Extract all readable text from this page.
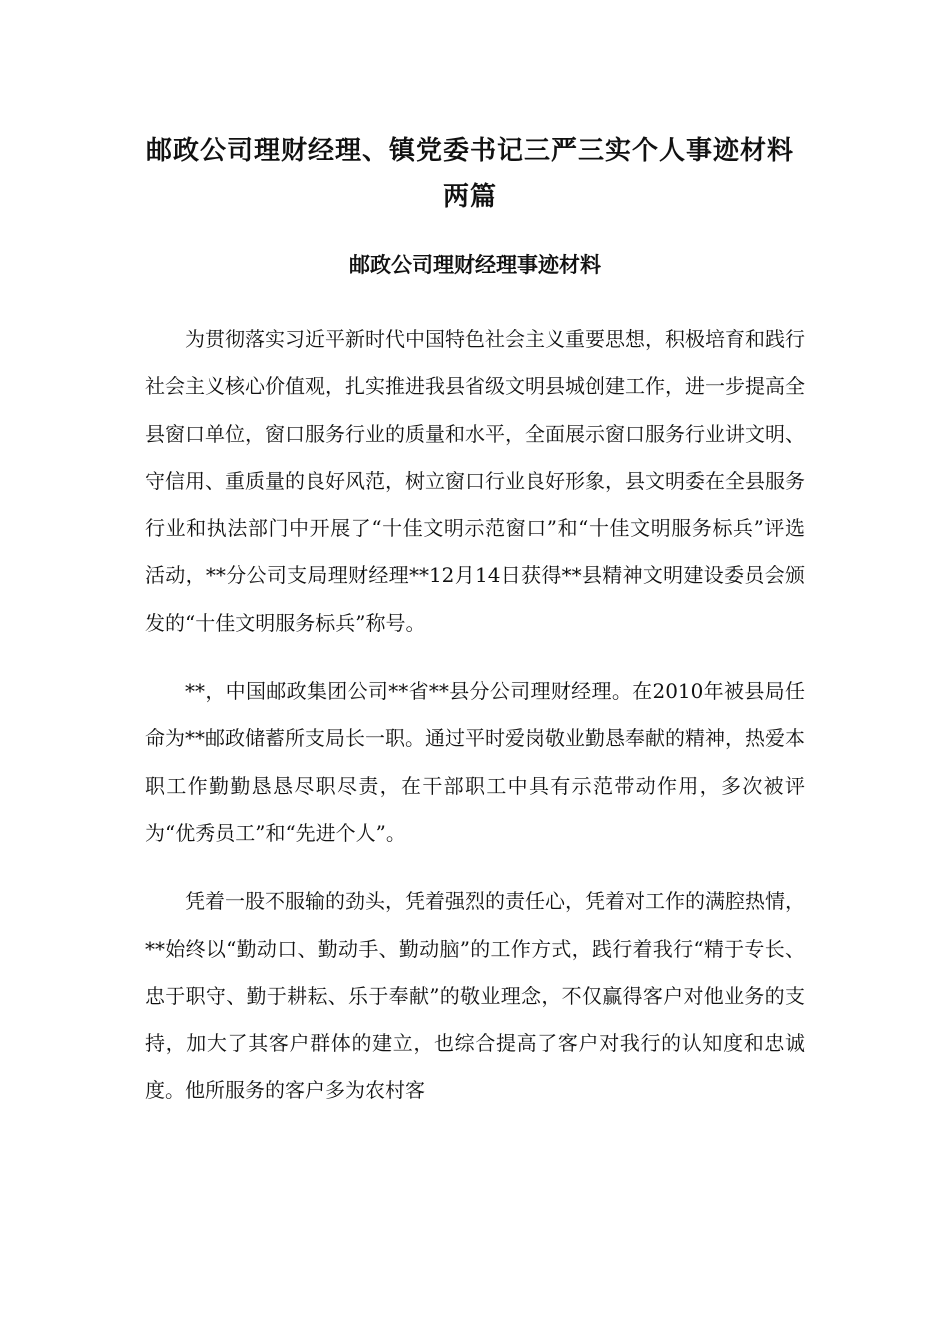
邮政公司理财经理、镇党委书记三严三实个人事迹材料两篇
邮政公司理财经理事迹材料

为贯彻落实习近平新时代中国特色社会主义重要思想，积极培育和践行社会主义核心价值观，扎实推进我县省级文明县城创建工作，进一步提高全县窗口单位，窗口服务行业的质量和水平，全面展示窗口服务行业讲文明、守信用、重质量的良好风范，树立窗口行业良好形象，县文明委在全县服务行业和执法部门中开展了“十佳文明示范窗口”和“十佳文明服务标兵”评选活动，**分公司支局理财经理**12月14日获得**县精神文明建设委员会颁发的“十佳文明服务标兵”称号。

**，中国邮政集团公司**省**县分公司理财经理。在2010年被县局任命为**邮政储蓄所支局长一职。通过平时爱岗敬业勤恳奉献的精神，热爱本职工作勤勤恳恳尽职尽责，在干部职工中具有示范带动作用，多次被评为“优秀员工”和“先进个人”。

凭着一股不服输的劲头，凭着强烈的责任心，凭着对工作的满腔热情，**始终以“勤动口、勤动手、勤动脑”的工作方式，践行着我行“精于专长、忠于职守、勤于耕耘、乐于奉献”的敬业理念，不仅赢得客户对他业务的支持，加大了其客户群体的建立，也综合提高了客户对我行的认知度和忠诚度。他所服务的客户多为农村客
